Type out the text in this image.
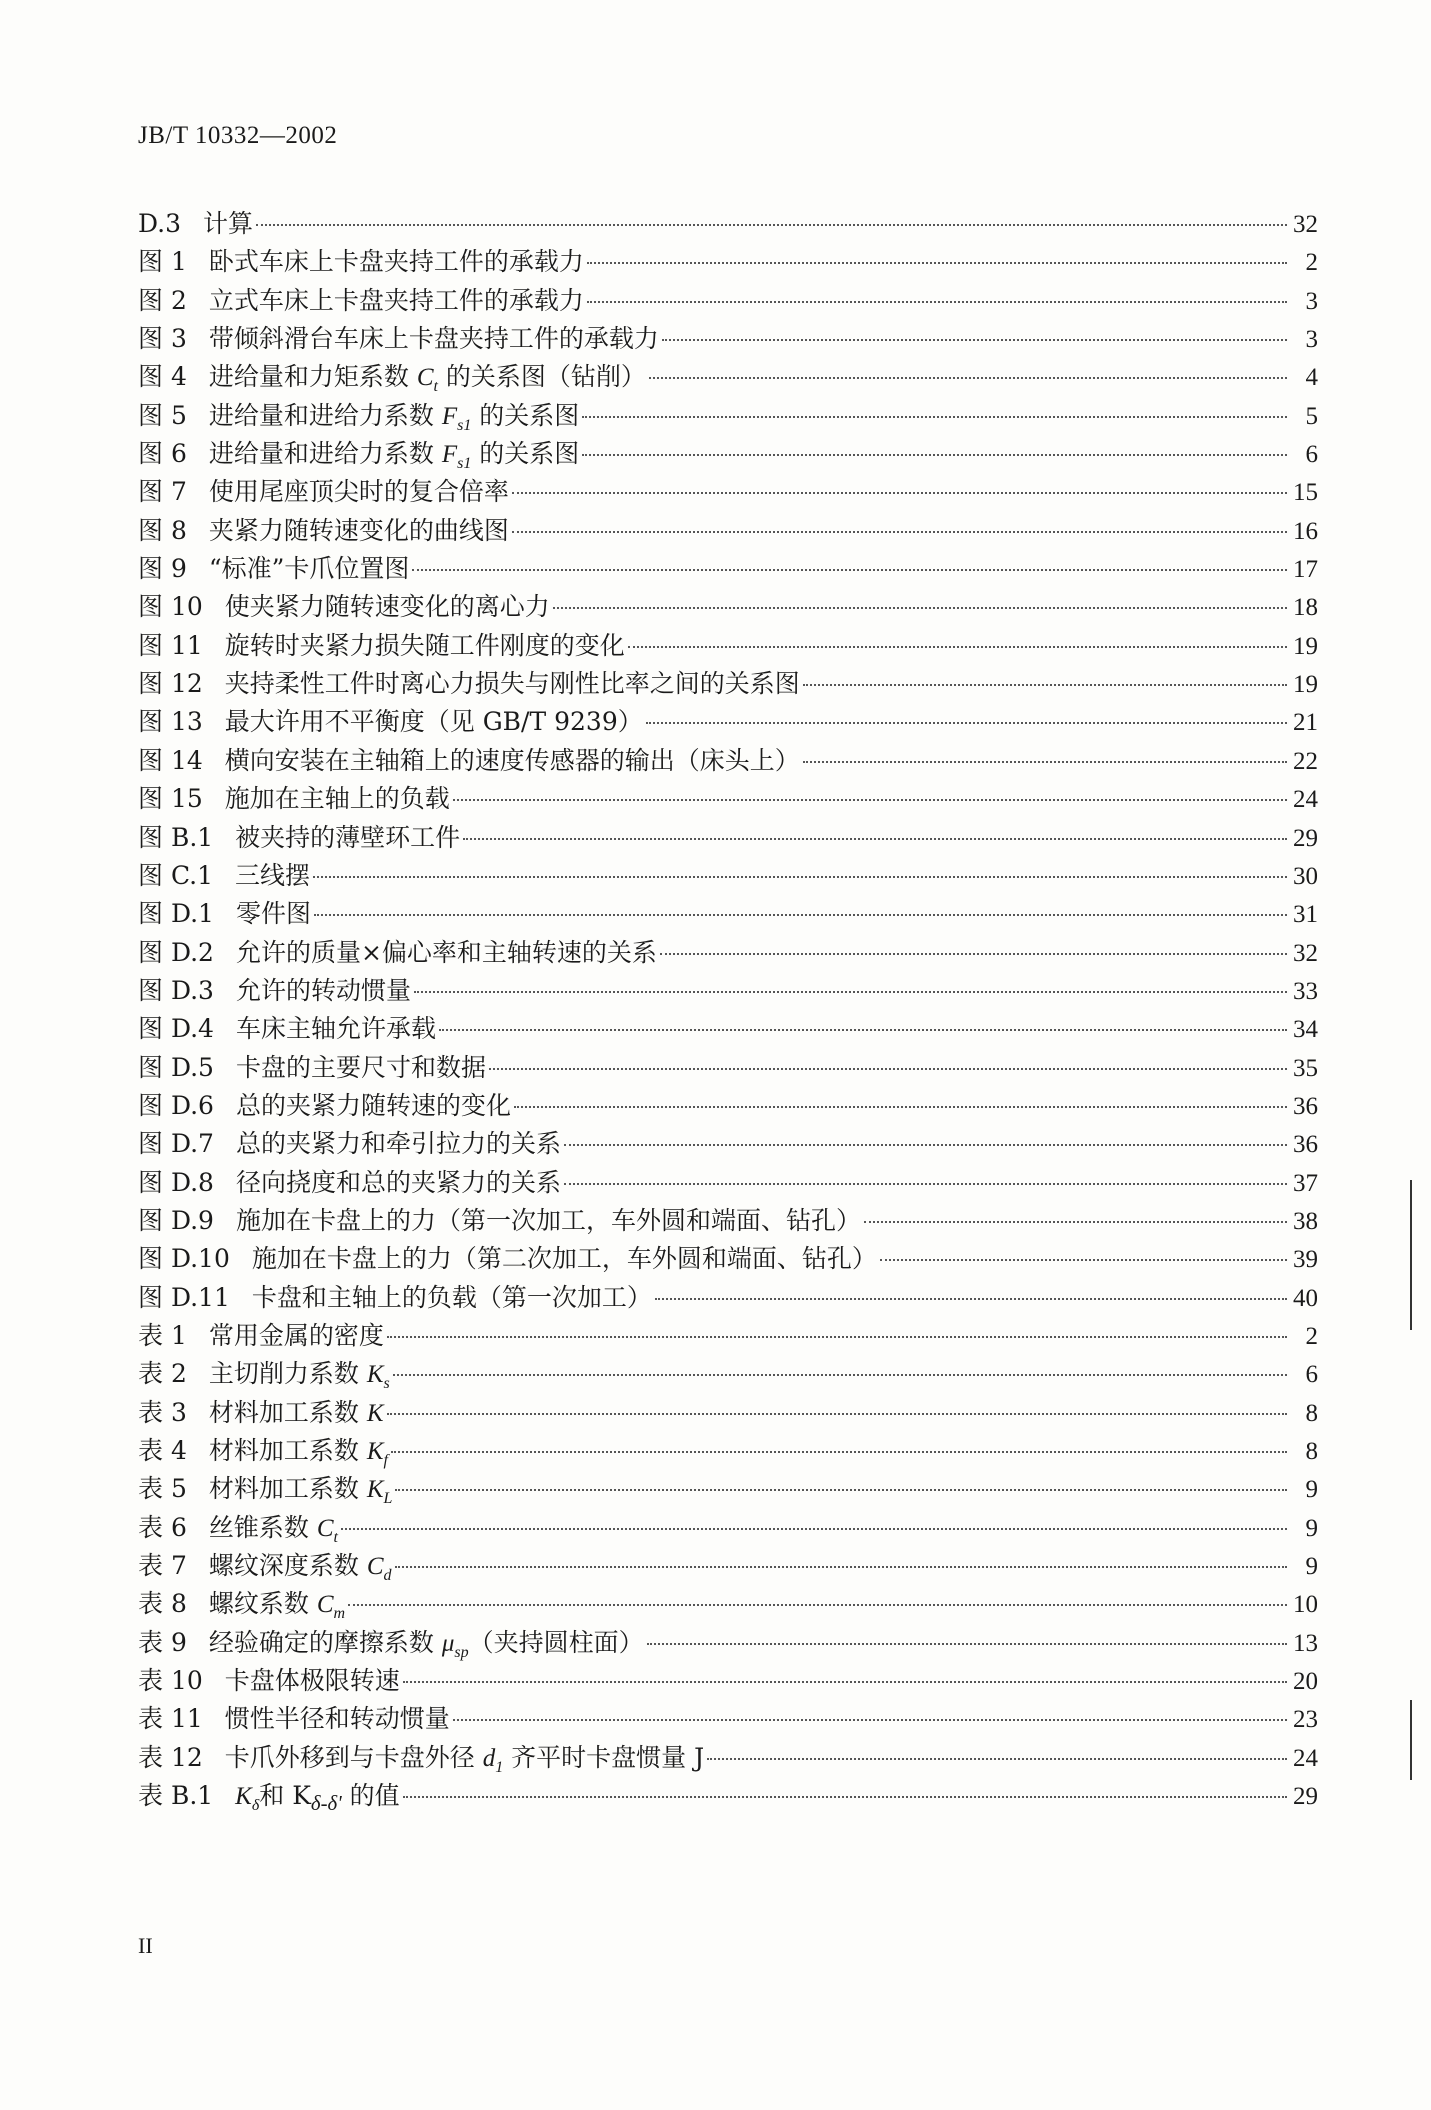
JB/T 10332—2002
D.3 计算	32
图 1 卧式车床上卡盘夹持工件的承载力	2
图 2 立式车床上卡盘夹持工件的承载力	3
图 3 带倾斜滑台车床上卡盘夹持工件的承载力	3
图 4 进给量和力矩系数 $C_t$ 的关系图（钻削）	4
图 5 进给量和进给力系数 $F_{s1}$ 的关系图	5
图 6 进给量和进给力系数 $F_{s1}$ 的关系图	6
图 7 使用尾座顶尖时的复合倍率	15
图 8 夹紧力随转速变化的曲线图	16
图 9 “标准”卡爪位置图	17
图 10 使夹紧力随转速变化的离心力	18
图 11 旋转时夹紧力损失随工件刚度的变化	19
图 12 夹持柔性工件时离心力损失与刚性比率之间的关系图	19
图 13 最大许用不平衡度（见 GB/T 9239）	21
图 14 横向安装在主轴箱上的速度传感器的输出（床头上）	22
图 15 施加在主轴上的负载	24
图 B.1 被夹持的薄壁环工件	29
图 C.1 三线摆	30
图 D.1 零件图	31
图 D.2 允许的质量×偏心率和主轴转速的关系	32
图 D.3 允许的转动惯量	33
图 D.4 车床主轴允许承载	34
图 D.5 卡盘的主要尺寸和数据	35
图 D.6 总的夹紧力随转速的变化	36
图 D.7 总的夹紧力和牵引拉力的关系	36
图 D.8 径向挠度和总的夹紧力的关系	37
图 D.9 施加在卡盘上的力（第一次加工，车外圆和端面、钻孔）	38
图 D.10 施加在卡盘上的力（第二次加工，车外圆和端面、钻孔）	39
图 D.11 卡盘和主轴上的负载（第一次加工）	40
表 1 常用金属的密度	2
表 2 主切削力系数 $K_s$	6
表 3 材料加工系数 K	8
表 4 材料加工系数 $K_f$	8
表 5 材料加工系数 $K_L$	9
表 6 丝锥系数 $C_t$	9
表 7 螺纹深度系数 $C_d$	9
表 8 螺纹系数 $C_m$	10
表 9 经验确定的摩擦系数 $\mu_{sp}$（夹持圆柱面）	13
表 10 卡盘体极限转速	20
表 11 惯性半径和转动惯量	23
表 12 卡爪外移到与卡盘外径 $d_1$ 齐平时卡盘惯量 J	24
表 B.1 $K_\delta$和 $K_{\delta-\delta'}$ 的值	29
II
